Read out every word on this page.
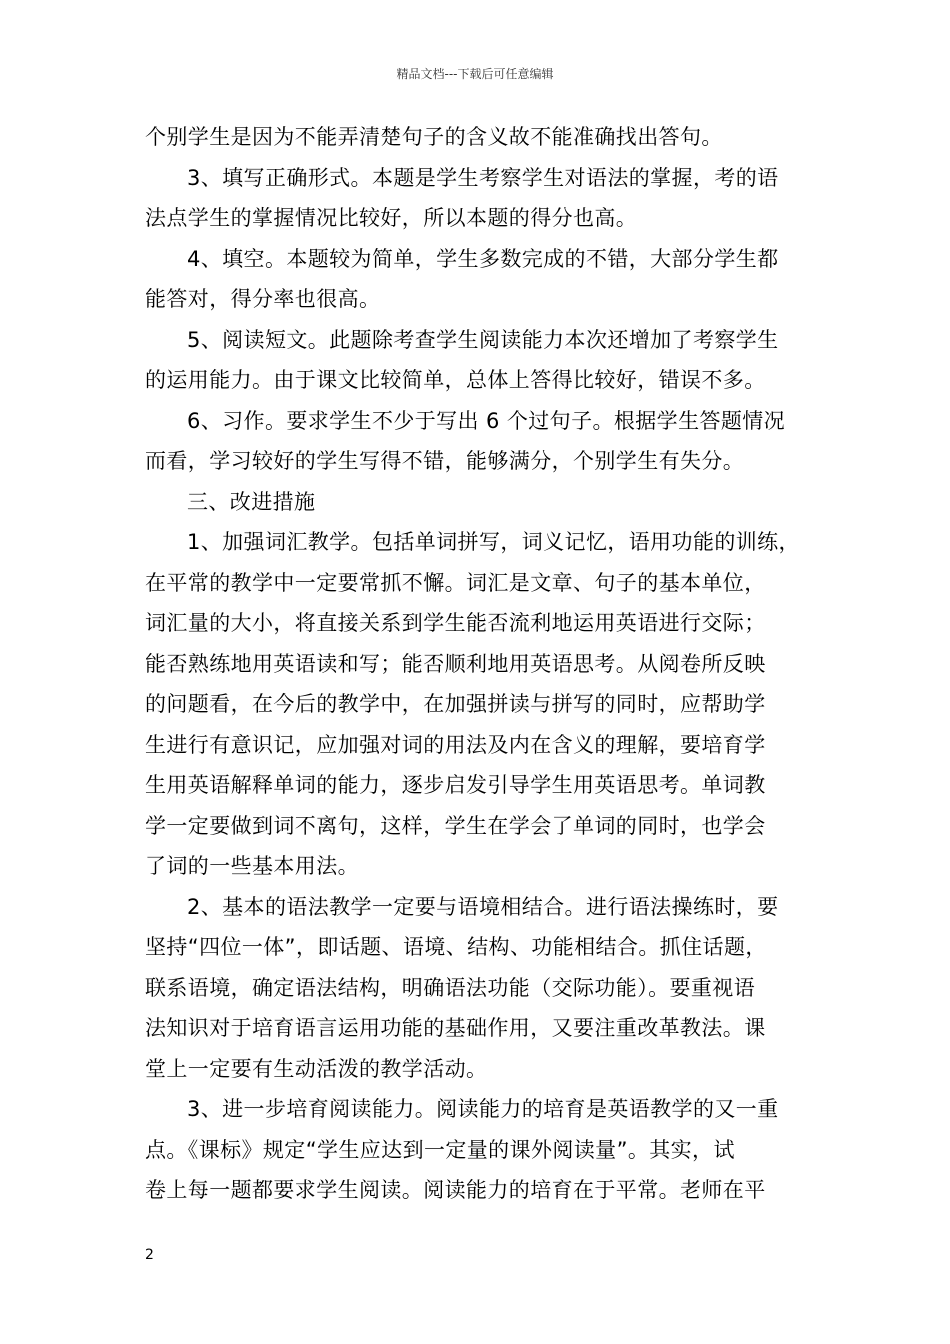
精品文档---下载后可任意编辑
个别学生是因为不能弄清楚句子的含义故不能准确找出答句。
3、填写正确形式。本题是学生考察学生对语法的掌握，考的语
法点学生的掌握情况比较好，所以本题的得分也高。
4、填空。本题较为简单，学生多数完成的不错，大部分学生都
能答对，得分率也很高。
5、阅读短文。此题除考查学生阅读能力本次还增加了考察学生
的运用能力。由于课文比较简单，总体上答得比较好，错误不多。
6、习作。要求学生不少于写出 6 个过句子。根据学生答题情况
而看，学习较好的学生写得不错，能够满分，个别学生有失分。
三、改进措施
1、加强词汇教学。包括单词拼写，词义记忆，语用功能的训练，
在平常的教学中一定要常抓不懈。词汇是文章、句子的基本单位，
词汇量的大小，将直接关系到学生能否流利地运用英语进行交际；
能否熟练地用英语读和写；能否顺利地用英语思考。从阅卷所反映
的问题看，在今后的教学中，在加强拼读与拼写的同时，应帮助学
生进行有意识记，应加强对词的用法及内在含义的理解，要培育学
生用英语解释单词的能力，逐步启发引导学生用英语思考。单词教
学一定要做到词不离句，这样，学生在学会了单词的同时，也学会
了词的一些基本用法。
2、基本的语法教学一定要与语境相结合。进行语法操练时，要
坚持“四位一体”，即话题、语境、结构、功能相结合。抓住话题，
联系语境，确定语法结构，明确语法功能（交际功能）。要重视语
法知识对于培育语言运用功能的基础作用，又要注重改革教法。课
堂上一定要有生动活泼的教学活动。
3、进一步培育阅读能力。阅读能力的培育是英语教学的又一重
点。《课标》规定“学生应达到一定量的课外阅读量”。其实，试
卷上每一题都要求学生阅读。阅读能力的培育在于平常。老师在平
2
